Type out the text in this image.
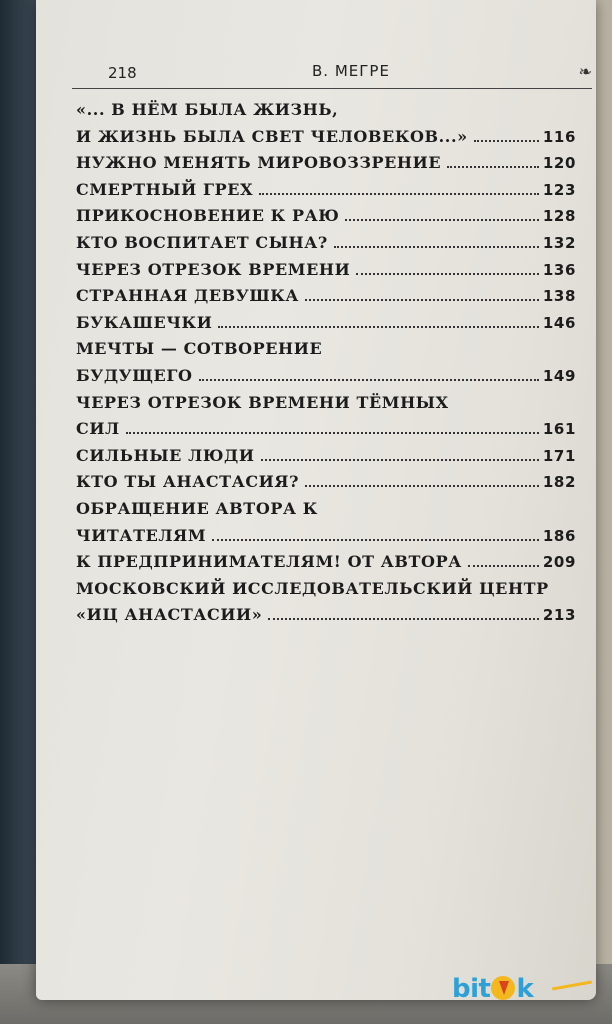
218	В. МЕГРЕ	❧
«... В НЁМ БЫЛА ЖИЗНЬ,
И ЖИЗНЬ БЫЛА СВЕТ ЧЕЛОВЕКОВ...»	116
НУЖНО МЕНЯТЬ МИРОВОЗЗРЕНИЕ	120
СМЕРТНЫЙ ГРЕХ	123
ПРИКОСНОВЕНИЕ К РАЮ	128
КТО ВОСПИТАЕТ СЫНА?	132
ЧЕРЕЗ ОТРЕЗОК ВРЕМЕНИ	136
СТРАННАЯ ДЕВУШКА	138
БУКАШЕЧКИ	146
МЕЧТЫ — СОТВОРЕНИЕ
БУДУЩЕГО	149
ЧЕРЕЗ ОТРЕЗОК ВРЕМЕНИ ТЁМНЫХ
СИЛ	161
СИЛЬНЫЕ ЛЮДИ	171
КТО ТЫ АНАСТАСИЯ?	182
ОБРАЩЕНИЕ АВТОРА К
ЧИТАТЕЛЯМ	186
К ПРЕДПРИНИМАТЕЛЯМ! ОТ АВТОРА	209
МОСКОВСКИЙ ИССЛЕДОВАТЕЛЬСКИЙ ЦЕНТР
«ИЦ АНАСТАСИИ»	213
bit k
